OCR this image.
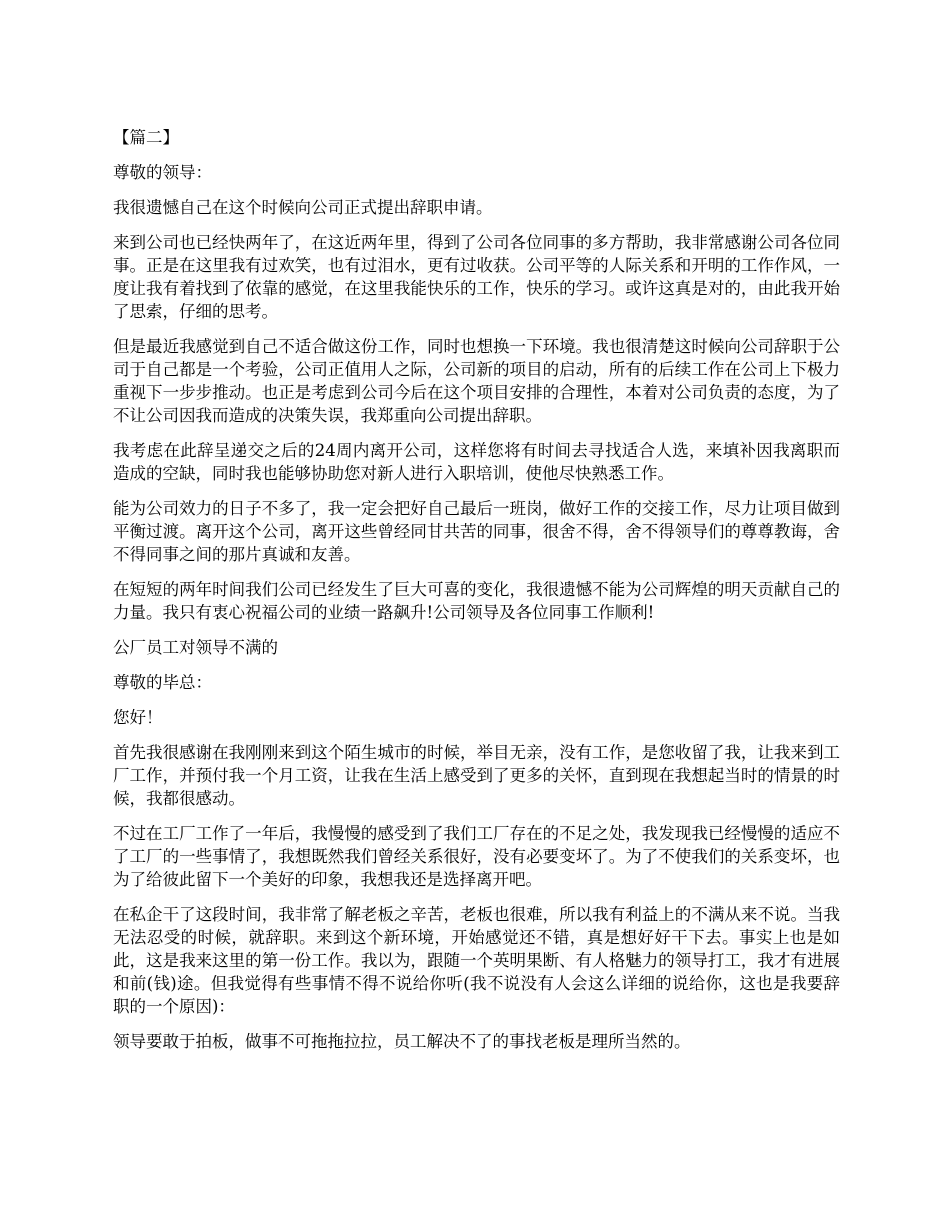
【篇二】

尊敬的领导：

我很遗憾自己在这个时候向公司正式提出辞职申请。

来到公司也已经快两年了，在这近两年里，得到了公司各位同事的多方帮助，我非常感谢公司各位同事。正是在这里我有过欢笑，也有过泪水，更有过收获。公司平等的人际关系和开明的工作作风，一度让我有着找到了依靠的感觉，在这里我能快乐的工作，快乐的学习。或许这真是对的，由此我开始了思索，仔细的思考。

但是最近我感觉到自己不适合做这份工作，同时也想换一下环境。我也很清楚这时候向公司辞职于公司于自己都是一个考验，公司正值用人之际，公司新的项目的启动，所有的后续工作在公司上下极力重视下一步步推动。也正是考虑到公司今后在这个项目安排的合理性，本着对公司负责的态度，为了不让公司因我而造成的决策失误，我郑重向公司提出辞职。

我考虑在此辞呈递交之后的24周内离开公司，这样您将有时间去寻找适合人选，来填补因我离职而造成的空缺，同时我也能够协助您对新人进行入职培训，使他尽快熟悉工作。

能为公司效力的日子不多了，我一定会把好自己最后一班岗，做好工作的交接工作，尽力让项目做到平衡过渡。离开这个公司，离开这些曾经同甘共苦的同事，很舍不得，舍不得领导们的尊尊教诲，舍不得同事之间的那片真诚和友善。

在短短的两年时间我们公司已经发生了巨大可喜的变化，我很遗憾不能为公司辉煌的明天贡献自己的力量。我只有衷心祝福公司的业绩一路飙升!公司领导及各位同事工作顺利!

公厂员工对领导不满的

尊敬的毕总：

您好！

首先我很感谢在我刚刚来到这个陌生城市的时候，举目无亲，没有工作，是您收留了我，让我来到工厂工作，并预付我一个月工资，让我在生活上感受到了更多的关怀，直到现在我想起当时的情景的时候，我都很感动。

不过在工厂工作了一年后，我慢慢的感受到了我们工厂存在的不足之处，我发现我已经慢慢的适应不了工厂的一些事情了，我想既然我们曾经关系很好，没有必要变坏了。为了不使我们的关系变坏，也为了给彼此留下一个美好的印象，我想我还是选择离开吧。

在私企干了这段时间，我非常了解老板之辛苦，老板也很难，所以我有利益上的不满从来不说。当我无法忍受的时候，就辞职。来到这个新环境，开始感觉还不错，真是想好好干下去。事实上也是如此，这是我来这里的第一份工作。我以为，跟随一个英明果断、有人格魅力的领导打工，我才有进展和前(钱)途。但我觉得有些事情不得不说给你听(我不说没有人会这么详细的说给你，这也是我要辞职的一个原因)：

领导要敢于拍板，做事不可拖拖拉拉，员工解决不了的事找老板是理所当然的。
